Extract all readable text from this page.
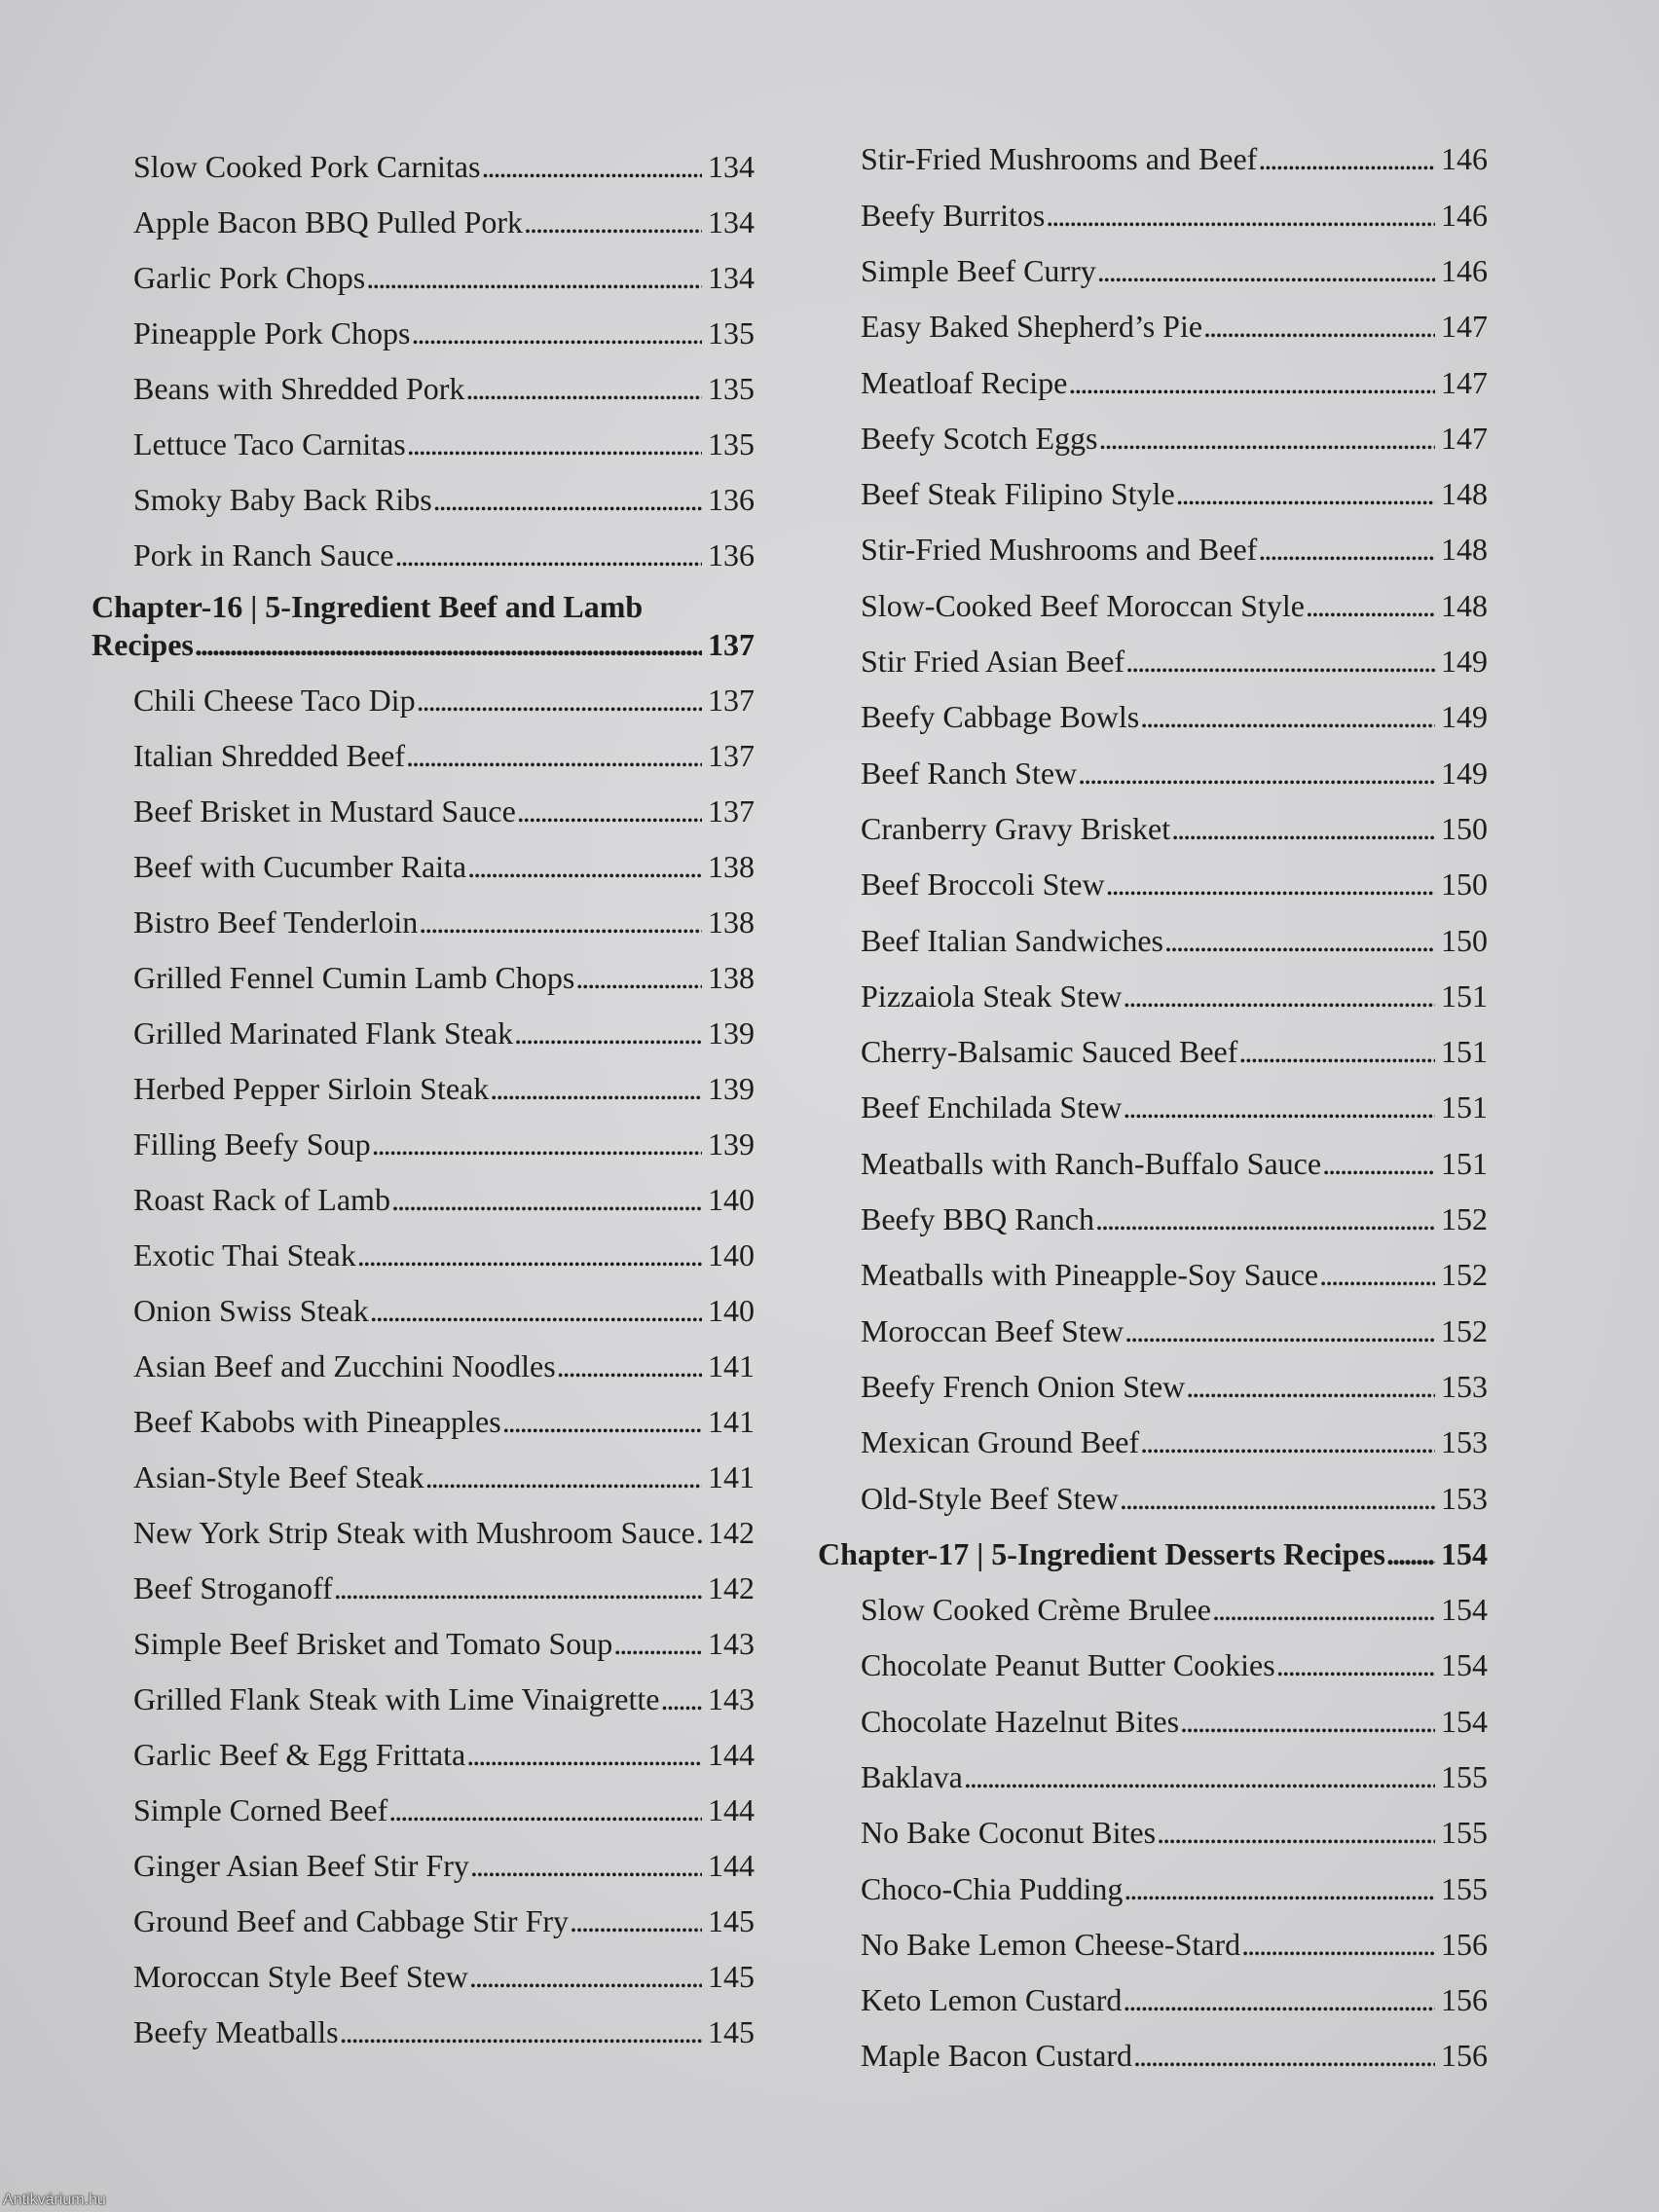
Slow Cooked Pork Carnitas	134
Apple Bacon BBQ Pulled Pork	134
Garlic Pork Chops	134
Pineapple Pork Chops	135
Beans with Shredded Pork	135
Lettuce Taco Carnitas	135
Smoky Baby Back Ribs	136
Pork in Ranch Sauce	136
Chapter-16 | 5-Ingredient Beef and Lamb Recipes	137
Chili Cheese Taco Dip	137
Italian Shredded Beef	137
Beef Brisket in Mustard Sauce	137
Beef with Cucumber Raita	138
Bistro Beef Tenderloin	138
Grilled Fennel Cumin Lamb Chops	138
Grilled Marinated Flank Steak	139
Herbed Pepper Sirloin Steak	139
Filling Beefy Soup	139
Roast Rack of Lamb	140
Exotic Thai Steak	140
Onion Swiss Steak	140
Asian Beef and Zucchini Noodles	141
Beef Kabobs with Pineapples	141
Asian-Style Beef Steak	141
New York Strip Steak with Mushroom Sauce 142
Beef Stroganoff	142
Simple Beef Brisket and Tomato Soup	143
Grilled Flank Steak with Lime Vinaigrette	143
Garlic Beef & Egg Frittata	144
Simple Corned Beef	144
Ginger Asian Beef Stir Fry	144
Ground Beef and Cabbage Stir Fry	145
Moroccan Style Beef Stew	145
Beefy Meatballs	145
Stir-Fried Mushrooms and Beef	146
Beefy Burritos	146
Simple Beef Curry	146
Easy Baked Shepherd’s Pie	147
Meatloaf Recipe	147
Beefy Scotch Eggs	147
Beef Steak Filipino Style	148
Stir-Fried Mushrooms and Beef	148
Slow-Cooked Beef Moroccan Style	148
Stir Fried Asian Beef	149
Beefy Cabbage Bowls	149
Beef Ranch Stew	149
Cranberry Gravy Brisket	150
Beef Broccoli Stew	150
Beef Italian Sandwiches	150
Pizzaiola Steak Stew	151
Cherry-Balsamic Sauced Beef	151
Beef Enchilada Stew	151
Meatballs with Ranch-Buffalo Sauce	151
Beefy BBQ Ranch	152
Meatballs with Pineapple-Soy Sauce	152
Moroccan Beef Stew	152
Beefy French Onion Stew	153
Mexican Ground Beef	153
Old-Style Beef Stew	153
Chapter-17 | 5-Ingredient Desserts Recipes	154
Slow Cooked Crème Brulee	154
Chocolate Peanut Butter Cookies	154
Chocolate Hazelnut Bites	154
Baklava	155
No Bake Coconut Bites	155
Choco-Chia Pudding	155
No Bake Lemon Cheese-Stard	156
Keto Lemon Custard	156
Maple Bacon Custard	156
Antikvárium.hu
